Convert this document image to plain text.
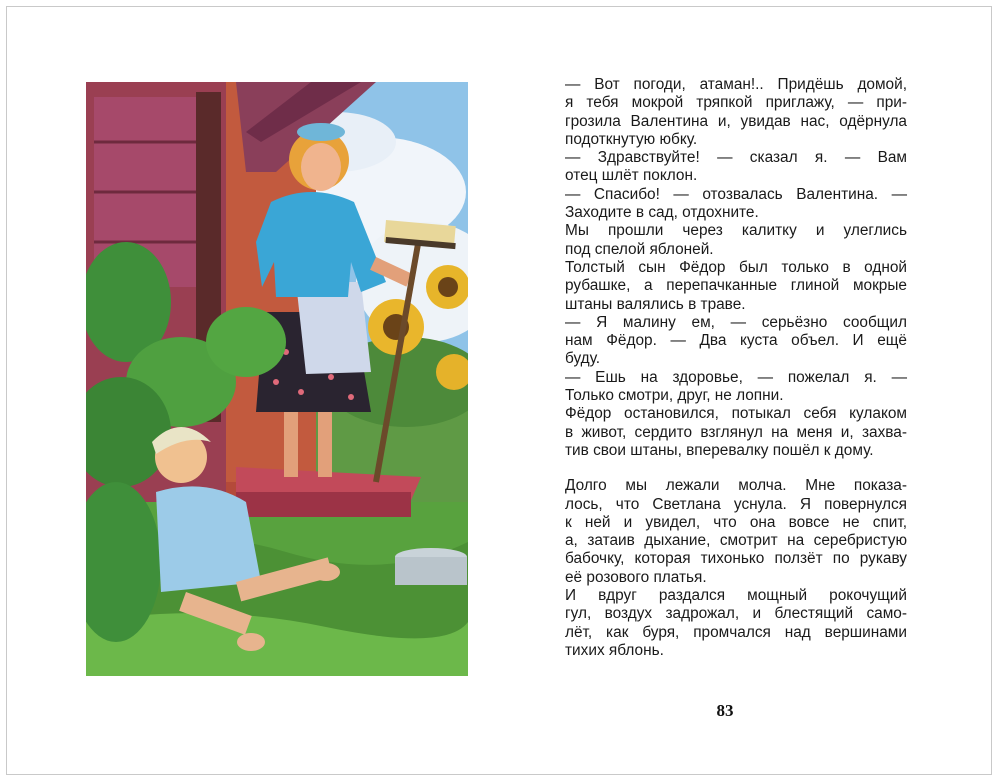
— Вот погоди, атаман!.. Придёшь домой,
я тебя мокрой тряпкой приглажу, — при-
грозила Валентина и, увидав нас, одёрнула
подоткнутую юбку.
— Здравствуйте! — сказал я. — Вам
отец шлёт поклон.
— Спасибо! — отозвалась Валентина. —
Заходите в сад, отдохните.
Мы прошли через калитку и улеглись
под спелой яблоней.
Толстый сын Фёдор был только в одной
рубашке, а перепачканные глиной мокрые
штаны валялись в траве.
— Я малину ем, — серьёзно сообщил
нам Фёдор. — Два куста объел. И ещё
буду.
— Ешь на здоровье, — пожелал я. —
Только смотри, друг, не лопни.
Фёдор остановился, потыкал себя кулаком
в живот, сердито взглянул на меня и, захва-
тив свои штаны, вперевалку пошёл к дому.
Долго мы лежали молча. Мне показа-
лось, что Светлана уснула. Я повернулся
к ней и увидел, что она вовсе не спит,
а, затаив дыхание, смотрит на серебристую
бабочку, которая тихонько ползёт по рукаву
её розового платья.
И вдруг раздался мощный рокочущий
гул, воздух задрожал, и блестящий само-
лёт, как буря, промчался над вершинами
тихих яблонь.
83
